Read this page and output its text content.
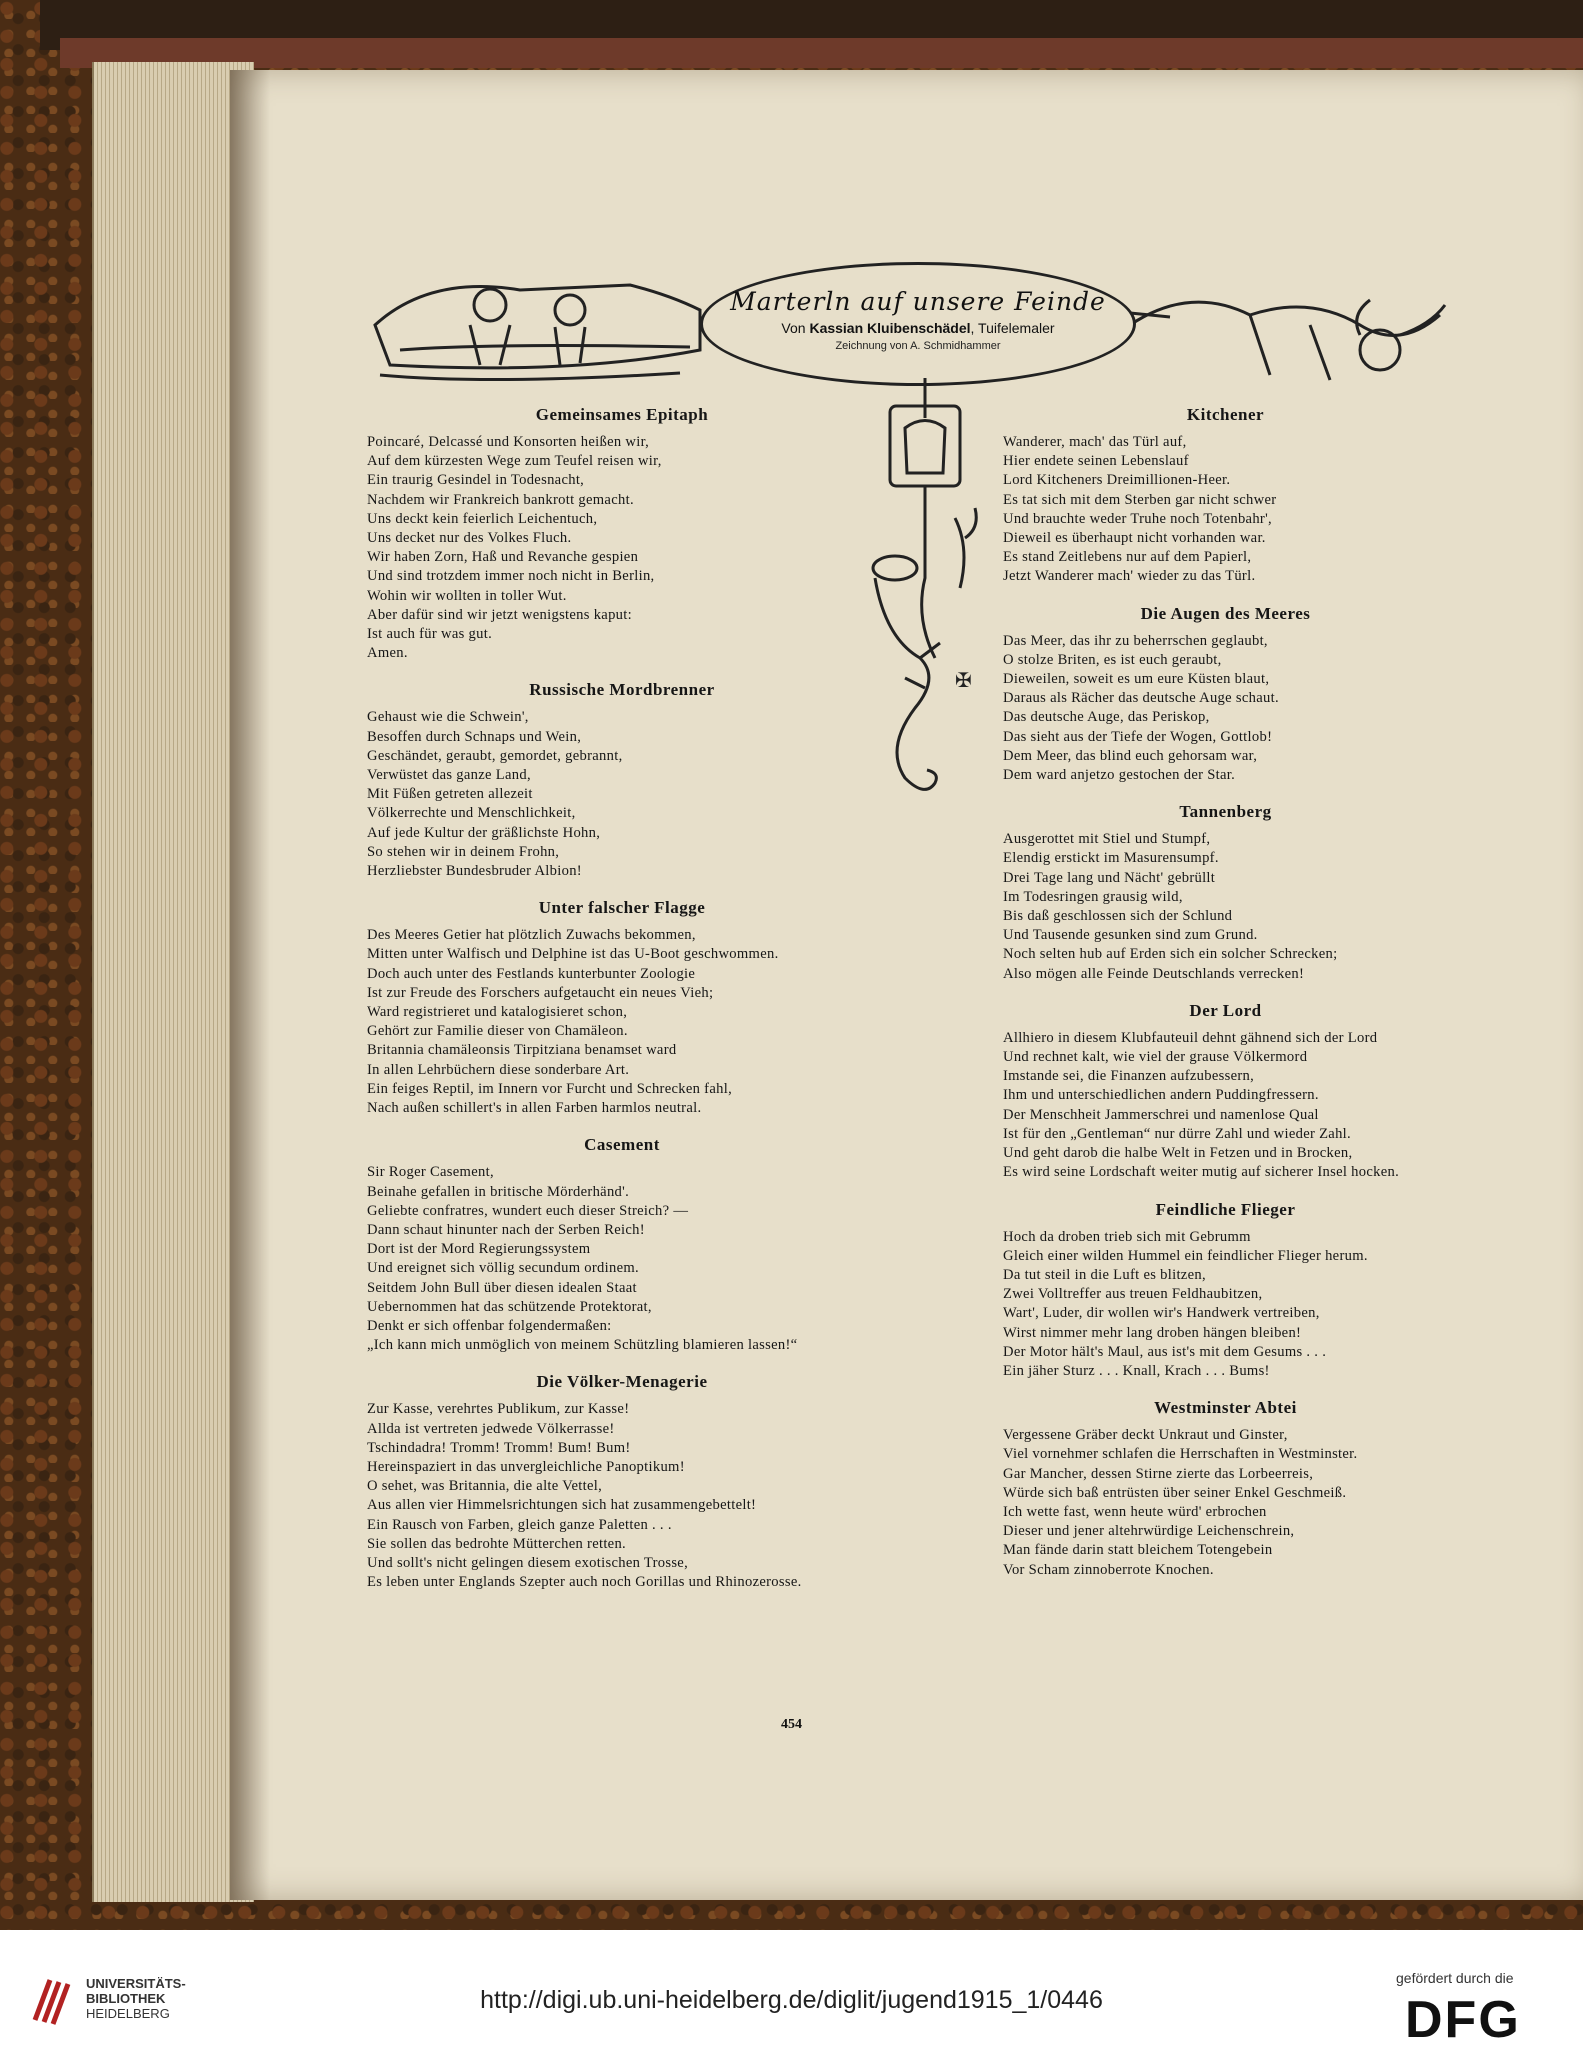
Marterln auf unsere Feinde
Von Kassian Kluibenschädel, Tuifelemaler
Zeichnung von A. Schmidhammer
✠
Gemeinsames Epitaph
Poincaré, Delcassé und Konsorten heißen wir,
Auf dem kürzesten Wege zum Teufel reisen wir,
Ein traurig Gesindel in Todesnacht,
Nachdem wir Frankreich bankrott gemacht.
Uns deckt kein feierlich Leichentuch,
Uns decket nur des Volkes Fluch.
Wir haben Zorn, Haß und Revanche gespien
Und sind trotzdem immer noch nicht in Berlin,
Wohin wir wollten in toller Wut.
Aber dafür sind wir jetzt wenigstens kaput:
Ist auch für was gut.
Amen.
Russische Mordbrenner
Gehaust wie die Schwein',
Besoffen durch Schnaps und Wein,
Geschändet, geraubt, gemordet, gebrannt,
Verwüstet das ganze Land,
Mit Füßen getreten allezeit
Völkerrechte und Menschlichkeit,
Auf jede Kultur der gräßlichste Hohn,
So stehen wir in deinem Frohn,
Herzliebster Bundesbruder Albion!
Unter falscher Flagge
Des Meeres Getier hat plötzlich Zuwachs bekommen,
Mitten unter Walfisch und Delphine ist das U-Boot geschwommen.
Doch auch unter des Festlands kunterbunter Zoologie
Ist zur Freude des Forschers aufgetaucht ein neues Vieh;
Ward registrieret und katalogisieret schon,
Gehört zur Familie dieser von Chamäleon.
Britannia chamäleonsis Tirpitziana benamset ward
In allen Lehrbüchern diese sonderbare Art.
Ein feiges Reptil, im Innern vor Furcht und Schrecken fahl,
Nach außen schillert's in allen Farben harmlos neutral.
Casement
Sir Roger Casement,
Beinahe gefallen in britische Mörderhänd'.
Geliebte confratres, wundert euch dieser Streich? —
Dann schaut hinunter nach der Serben Reich!
Dort ist der Mord Regierungssystem
Und ereignet sich völlig secundum ordinem.
Seitdem John Bull über diesen idealen Staat
Uebernommen hat das schützende Protektorat,
Denkt er sich offenbar folgendermaßen:
„Ich kann mich unmöglich von meinem Schützling blamieren lassen!“
Die Völker-Menagerie
Zur Kasse, verehrtes Publikum, zur Kasse!
Allda ist vertreten jedwede Völkerrasse!
Tschindadra! Tromm! Tromm! Bum! Bum!
Hereinspaziert in das unvergleichliche Panoptikum!
O sehet, was Britannia, die alte Vettel,
Aus allen vier Himmelsrichtungen sich hat zusammengebettelt!
Ein Rausch von Farben, gleich ganze Paletten . . .
Sie sollen das bedrohte Mütterchen retten.
Und sollt's nicht gelingen diesem exotischen Trosse,
Es leben unter Englands Szepter auch noch Gorillas und Rhinozerosse.
Kitchener
Wanderer, mach' das Türl auf,
Hier endete seinen Lebenslauf
Lord Kitcheners Dreimillionen-Heer.
Es tat sich mit dem Sterben gar nicht schwer
Und brauchte weder Truhe noch Totenbahr',
Dieweil es überhaupt nicht vorhanden war.
Es stand Zeitlebens nur auf dem Papierl,
Jetzt Wanderer mach' wieder zu das Türl.
Die Augen des Meeres
Das Meer, das ihr zu beherrschen geglaubt,
O stolze Briten, es ist euch geraubt,
Dieweilen, soweit es um eure Küsten blaut,
Daraus als Rächer das deutsche Auge schaut.
Das deutsche Auge, das Periskop,
Das sieht aus der Tiefe der Wogen, Gottlob!
Dem Meer, das blind euch gehorsam war,
Dem ward anjetzo gestochen der Star.
Tannenberg
Ausgerottet mit Stiel und Stumpf,
Elendig erstickt im Masurensumpf.
Drei Tage lang und Nächt' gebrüllt
Im Todesringen grausig wild,
Bis daß geschlossen sich der Schlund
Und Tausende gesunken sind zum Grund.
Noch selten hub auf Erden sich ein solcher Schrecken;
Also mögen alle Feinde Deutschlands verrecken!
Der Lord
Allhiero in diesem Klubfauteuil dehnt gähnend sich der Lord
Und rechnet kalt, wie viel der grause Völkermord
Imstande sei, die Finanzen aufzubessern,
Ihm und unterschiedlichen andern Puddingfressern.
Der Menschheit Jammerschrei und namenlose Qual
Ist für den „Gentleman“ nur dürre Zahl und wieder Zahl.
Und geht darob die halbe Welt in Fetzen und in Brocken,
Es wird seine Lordschaft weiter mutig auf sicherer Insel hocken.
Feindliche Flieger
Hoch da droben trieb sich mit Gebrumm
Gleich einer wilden Hummel ein feindlicher Flieger herum.
Da tut steil in die Luft es blitzen,
Zwei Volltreffer aus treuen Feldhaubitzen,
Wart', Luder, dir wollen wir's Handwerk vertreiben,
Wirst nimmer mehr lang droben hängen bleiben!
Der Motor hält's Maul, aus ist's mit dem Gesums . . .
Ein jäher Sturz . . . Knall, Krach . . . Bums!
Westminster Abtei
Vergessene Gräber deckt Unkraut und Ginster,
Viel vornehmer schlafen die Herrschaften in Westminster.
Gar Mancher, dessen Stirne zierte das Lorbeerreis,
Würde sich baß entrüsten über seiner Enkel Geschmeiß.
Ich wette fast, wenn heute würd' erbrochen
Dieser und jener altehrwürdige Leichenschrein,
Man fände darin statt bleichem Totengebein
Vor Scham zinnoberrote Knochen.
454
UNIVERSITÄTS-
BIBLIOTHEK
HEIDELBERG	http://digi.ub.uni-heidelberg.de/diglit/jugend1915_1/0446
gefördert durch die
DFG
